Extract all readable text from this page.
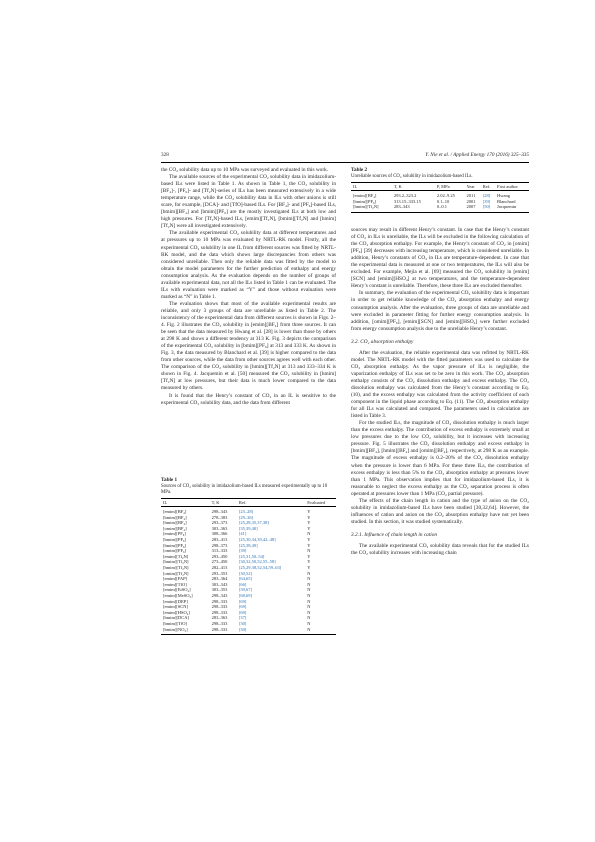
328	Y. Nie et al. / Applied Energy 170 (2016) 325–335

the CO₂ solubility data up to 10 MPa was surveyed and evaluated in this work.

The available sources of the experimental CO₂ solubility data in imidazolium-based ILs were listed in Table 1. As shown in Table 1, the CO₂ solubility in [BF₄]-, [PF₆]- and [Tf₂N]-series of ILs has been measured extensively in a wide temperature range, while the CO₂ solubility data in ILs with other anions is still scare, for example, [DCA]- and [TfO]-based ILs. For [BF₄]- and [PF₆]-based ILs, [bmim][BF₄] and [bmim][PF₆] are the mostly investigated ILs at both low and high pressures. For [Tf₂N]-based ILs, [emim][Tf₂N], [bmim][Tf₂N] and [hmim][Tf₂N] were all investigated extensively.

The available experimental CO₂ solubility data at different temperatures and at pressures up to 10 MPa was evaluated by NRTL-RK model. Firstly, all the experimental CO₂ solubility in one IL from different sources was fitted by NRTL-RK model, and the data which shows large discrepancies from others was considered unreliable. Then only the reliable data was fitted by the model to obtain the model parameters for the further prediction of enthalpy and energy consumption analysis. As the evaluation depends on the number of groups of available experimental data, not all the ILs listed in Table 1 can be evaluated. The ILs with evaluation were marked as “Y” and those without evaluation were marked as “N” in Table 1.

The evaluation shows that most of the available experimental results are reliable, and only 3 groups of data are unreliable as listed in Table 2. The inconsistency of the experimental data from different sources is shown in Figs. 2–4. Fig. 2 illustrates the CO₂ solubility in [emim][BF₄] from three sources. It can be seen that the data measured by Hwang et al. [28] is lower than those by others at 298 K and shows a different tendency at 313 K. Fig. 3 depicts the comparison of the experimental CO₂ solubility in [bmim][PF₆] at 313 and 333 K. As shown in Fig. 3, the data measured by Blanchard et al. [39] is higher compared to the data from other sources, while the data from other sources agrees well with each other. The comparison of the CO₂ solubility in [hmim][Tf₂N] at 313 and 333–334 K is shown in Fig. 4. Jacquemin et al. [50] measured the CO₂ solubility in [hmim][Tf₂N] at low pressures, but their data is much lower compared to the data measured by others.

It is found that the Henry’s constant of CO₂ in an IL is sensitive to the experimental CO₂ solubility data, and the data from different

Table 1
Sources of CO₂ solubility in imidazolium-based ILs measured experimentally up to 10 MPa.
IL	T, K	Ref.	Evaluated
[emim][BF₄]	298–343	[25–28]	Y
[bmim][BF₄]	278–383	[29–36]	Y
[hmim][BF₄]	293–373	[25,28,35,37,38]	Y
[omim][BF₄]	303–363	[35,39,40]	Y
[emim][PF₆]	308–366	[41]	N
[bmim][PF₆]	283–413	[25,30,34,39,42–48]	Y
[hmim][PF₆]	298–373	[25,38,49]	Y
[omim][PF₆]	313–333	[39]	N
[emim][Tf₂N]	293–450	[25,31,50–54]	Y
[bmim][Tf₂N]	273–450	[30,32,50,52,55–58]	Y
[hmim][Tf₂N]	282–413	[25,29,38,52,54,59–63]	Y
[omim][Tf₂N]	293–353	[30,52]	N
[emim][FAP]	283–364	[64,65]	N
[emim][TfO]	303–343	[66]	N
[emim][EtSO₄]	303–353	[39,67]	N
[emim][MeSO₃]	298–343	[68,69]	N
[emim][DEP]	298–333	[69]	N
[emim][SCN]	298–333	[69]	N
[emim][HSO₄]	298–333	[69]	N
[bmim][DCA]	283–363	[37]	N
[bmim][TfO]	298–333	[30]	N
[bmim][NO₃]	298–333	[30]	N
Table 2
Unreliable sources of CO₂ solubility in imidazolium-based ILs.
IL	T, K	P, MPa	Year	Ref.	First author
[emim][BF₄]	293.2–323.2	2.02–9.25	2011	[28]	Hwang
[bmim][PF₆]	313.15–333.15	0.1–10	2001	[39]	Blanchard
[hmim][Tf₂N]	283–343	0–0.1	2007	[50]	Jacquemin

sources may result in different Henry’s constant. In case that the Henry’s constant of CO₂ in ILs is unreliable, the ILs will be excluded in the following calculation of the CO₂ absorption enthalpy. For example, the Henry’s constant of CO₂ in [omim][PF₆] [39] decreases with increasing temperature, which is considered unreliable. In addition, Henry’s constants of CO₂ in ILs are temperature-dependent. In case that the experimental data is measured at one or two temperatures, the ILs will also be excluded. For example, Mejía et al. [69] measured the CO₂ solubility in [emim][SCN] and [emim][HSO₄] at two temperatures, and the temperature-dependent Henry’s constant is unreliable. Therefore, these three ILs are excluded thereafter.

In summary, the evaluation of the experimental CO₂ solubility data is important in order to get reliable knowledge of the CO₂ absorption enthalpy and energy consumption analysis. After the evaluation, three groups of data are unreliable and were excluded in parameter fitting for further energy consumption analysis. In addition, [omim][PF₆], [emim][SCN] and [emim][HSO₄] were further excluded from energy consumption analysis due to the unreliable Henry’s constant.

3.2. CO₂ absorption enthalpy

After the evaluation, the reliable experimental data was refitted by NRTL-RK model. The NRTL-RK model with the fitted parameters was used to calculate the CO₂ absorption enthalpy. As the vapor pressure of ILs is negligible, the vaporization enthalpy of ILs was set to be zero in this work. The CO₂ absorption enthalpy consists of the CO₂ dissolution enthalpy and excess enthalpy. The CO₂ dissolution enthalpy was calculated from the Henry’s constant according to Eq. (10), and the excess enthalpy was calculated from the activity coefficient of each component in the liquid phase according to Eq. (11). The CO₂ absorption enthalpy for all ILs was calculated and compared. The parameters used in calculation are listed in Table 3.

For the studied ILs, the magnitude of CO₂ dissolution enthalpy is much larger than the excess enthalpy. The contribution of excess enthalpy is extremely small at low pressures due to the low CO₂ solubility, but it increases with increasing pressure. Fig. 5 illustrates the CO₂ dissolution enthalpy and excess enthalpy in [bmim][BF₄], [hmim][BF₄] and [omim][BF₄], respectively, at 298 K as an example. The magnitude of excess enthalpy is 0.2–20% of the CO₂ dissolution enthalpy when the pressure is lower than 6 MPa. For these three ILs, the contribution of excess enthalpy is less than 5% to the CO₂ absorption enthalpy at pressures lower than 1 MPa. This observation implies that for imidazolium-based ILs, it is reasonable to neglect the excess enthalpy as the CO₂ separation process is often operated at pressures lower than 1 MPa (CO₂ partial pressure).

The effects of the chain length in cation and the type of anion on the CO₂ solubility in imidazolium-based ILs have been studied [30,32,64]. However, the influences of cation and anion on the CO₂ absorption enthalpy have not yet been studied. In this section, it was studied systematically.

3.2.1. Influence of chain length in cation

The available experimental CO₂ solubility data reveals that for the studied ILs the CO₂ solubility increases with increasing chain
